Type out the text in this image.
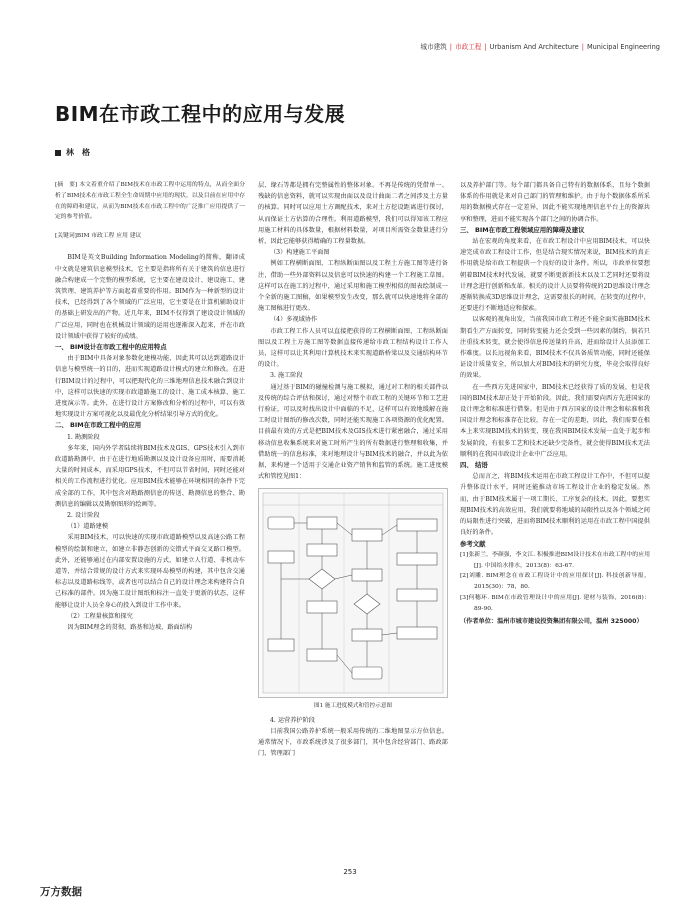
城市建筑 | 市政工程 | Urbanism And Architecture | Municipal Engineering
BIM在市政工程中的应用与发展
林　格
[摘　要] 本文着重介绍了BIM技术在市政工程中运用的特点，从而全面分析了BIM技术在市政工程全生命周期中应用的现状，以及目前在应用中存在的障碍和建议，从而为BIM技术在市政工程中的广泛推广应用提供了一定的参考价值。
[关键词]BIM 市政工程 应用 建议

BIM是英文Building Information Modeling的简称，翻译成中文就是建筑信息模型技术，它主要是指将所有关于建筑的信息进行融合构建成一个完整的模型系统，它主要在建设设计、建设施工、建筑管理、建筑养护等方面起着重要的作用。BIM作为一种新型的设计技术，已经得到了各个领域的广泛应用，它主要是在计算机辅助设计的基础上研发出的产物。近几年来，BIM不仅得到了建设设计领域的广泛应用，同时也在机械设计领域的运用也逐渐深入起来，并在市政设计领域中获得了较好的成绩。

一、 BIM设计在市政工程中的应用特点

由于BIM中具备对象参数化建模功能，因此其可以达到道路设计信息与模型统一的目的，进而实现道路设计模式的建立和修改。在进行BIM设计的过程中，可以把现代化的三维地理信息技术融合到设计中，这样可以快速的实现市政道路施工的设计、施工成本核算、施工进度演示等。此外，在进行设计方案修改和分析的过程中，可以有效地实现设计方案可视化以及最优化分析结果引导方式的优化。

二、 BIM在市政工程中的应用
1. 勘测阶段

多年来，国内外学者陆续将BIM技术及GIS、GPS技术引入到市政道路勘测中，由于在进行地质勘测以及设计设备应用时，需要消耗大量的时间成本，而采用GPS技术，不但可以节省时间，同时还能对相关的工作流程进行优化。应用BIM技术能够在环境相同的条件下完成全部的工作，其中包含对勘路测信息的传送、勘测信息的整合、勘测信息的编辑以及勘察图形的绘画等。

2. 设计阶段
（1）道路建模

采用BIM技术，可以快速的实现市政道路模型以及高速公路工程模型的绘制和建立，如建立非静态创新的交错式平面交叉路口模型。此外，还能够通过在内部安置设施的方式，如建立人行道、非机动车道等，并结合常规的设计方式来实现环岛模型的构建，其中包含交通标志以及道路标线等，或者也可以结合自己的设计理念来构建符合自己标准的部件。因为施工设计图纸和标注一直处于更新的状态，这样能够让设计人员全身心的投入到设计工作中来。

（2）工程量核算和探究

因为BIM理念的贯彻，路基和边坡、路面结构

层、缘石等都是拥有完整属性的整体对象。不再是传统的凭借单一、残缺的信息资料，就可以实现由面以及设计曲面二者之间涉及土方量的核算。同时可以应用土方调配技术，来对土方挖设距离进行探讨，从而保证土方估算的合理性。利用道路模型，我们可以得知该工程应用施工材料的具体数量，根据材料数量，对项目所需资金数量进行分析，因此它能够获得精确的工程量数据。

（3）构建施工平面图

例如工程横断面图、工程纵断面图以及工程土方施工图等进行备注，借助一些外部资料以及信息可以快速的构建一个工程施工草图。这样可以在施工的过程中，通过采用和施工模型相似的图表绘制成一个全新的施工图稿，如果模型发生改变，那么就可以快速地将全部的施工图稿进行更改。

（4）多视域协作

市政工程工作人员可以直接把获得的工程横断面图、工程纵断面图以及工程土方施工图等数据直接传递给市政工程结构设计工作人员，这样可以让其利用计算机技术来实现道路桥梁以及交通结构环节的设计。

3. 施工阶段

通过基于BIM的碰撞检测与施工模拟，通过对工程的相关部件以及传统的综合评估和探讨，通过对整个市政工程的关键环节和工艺进行验证，可以及时找出设计中面临的不足，这样可以有效地缓解在施工时设计图纸的修改次数，同时还能实现施工各项资源的优化配置。目前最有效的方式是把BIM技术及GIS技术进行紧密融合，通过采用移动信息收集系统来对施工时所产生的所有数据进行整理和收集，并借助统一的信息标准，来对地理设计与BIM技术的融合，并以此为依据，来构建一个适用于交通企业资产销售和监管的系统。施工进度模式和管控见图1：

图1 施工进度模式和管控示意图
4. 运营养护阶段

目前我国公路养护系统一般采用传统的二维地图显示方位信息。通常情况下，市政系统涉及了很多部门，其中包含经营部门、路政部门、管理部门

以及养护部门等。每个部门都具备自己特有的数据体系，且每个数据体系的作用就是来对自己部门的管理和维护。由于每个数据体系所采用的数据模式存在一定差异，因此不能实现地理信息平台上的资源共享和整理，进而不能实现各个部门之间的协调合作。

三、 BIM在市政工程领域应用的障碍及建议

站在宏观的角度来看，在市政工程设计中应用BIM技术，可以快速完成市政工程设计工作，但是结合现实情况来说，BIM技术的真正作用就是给市政工程提供一个良好的设计条件。所以，市政单位要想朝着BIM技术时代发展，就要不断更新新技术以及工艺同时还要将设计理念进行创新和改革。相关的设计人员要将传统的2D思维设计理念逐渐转换成3D思维设计理念，这需要很长的时间，在转变的过程中，还要进行不断地适应和探索。

以客观的视角出发，当前我国市政工程还不能全面实施BIM技术期看生产方面转变，同时转变能力还会受到一些因素的制约，倘若只注重技术转变，就会使得信息传送量的升高，进而给设计人员添加工作难度。以长远视角来看，BIM技术不仅具备质管功能，同时还能保证设计质量安全，所以加大对BIM技术的研究力度，毕竟会取得良好的效果。

在一些西方先进国家中，BIM技术已经获得了质的发展，但是我国的BIM技术却正处于开始阶段。因此，我们需要向西方先进国家的设计理念和标准进行借鉴。但是由于西方国家的设计理念和标准和我国设计理念和标准存在比较，存在一定的差距，因此，我们需要在根本上来实现BIM技术的转变，现在我国BIM技术发展一直处于起步和发展阶段，有很多工艺和技术还缺少完备性，就会使得BIM技术无法顺利的在我国市政设计企业中广泛应用。

四、 结语

总而言之，将BIM技术运用在市政工程设计工作中，不但可以提升整体设计水平，同时还能推动市场工程设计企业的稳定发展。然而，由于BIM技术属于一项工期长、工序复杂的技术。因此，要想实现BIM技术的高效应用，我们就要将地域的局限性以及各个领域之间的局限性进行突破，进而将BIM技术顺利的运用在市政工程中国提供良好的条件。

参考文献
[1]张新兰，李颜强，李文江. 积极推进BIM设计技术在市政工程中的应用[J]. 中国给水排水，2013(8)：63-67.
[2]刘雕. BIM理念在市政工程设计中的应用探讨[J]. 科技创新导报，2015(30)：78，80.
[3]何穗环. BIM在市政管理设计中的应用[J]. 建材与装饰，2016(8)：89-90.
（作者单位：温州市城市建设投资集团有限公司，温州 325000）
253
万方数据
